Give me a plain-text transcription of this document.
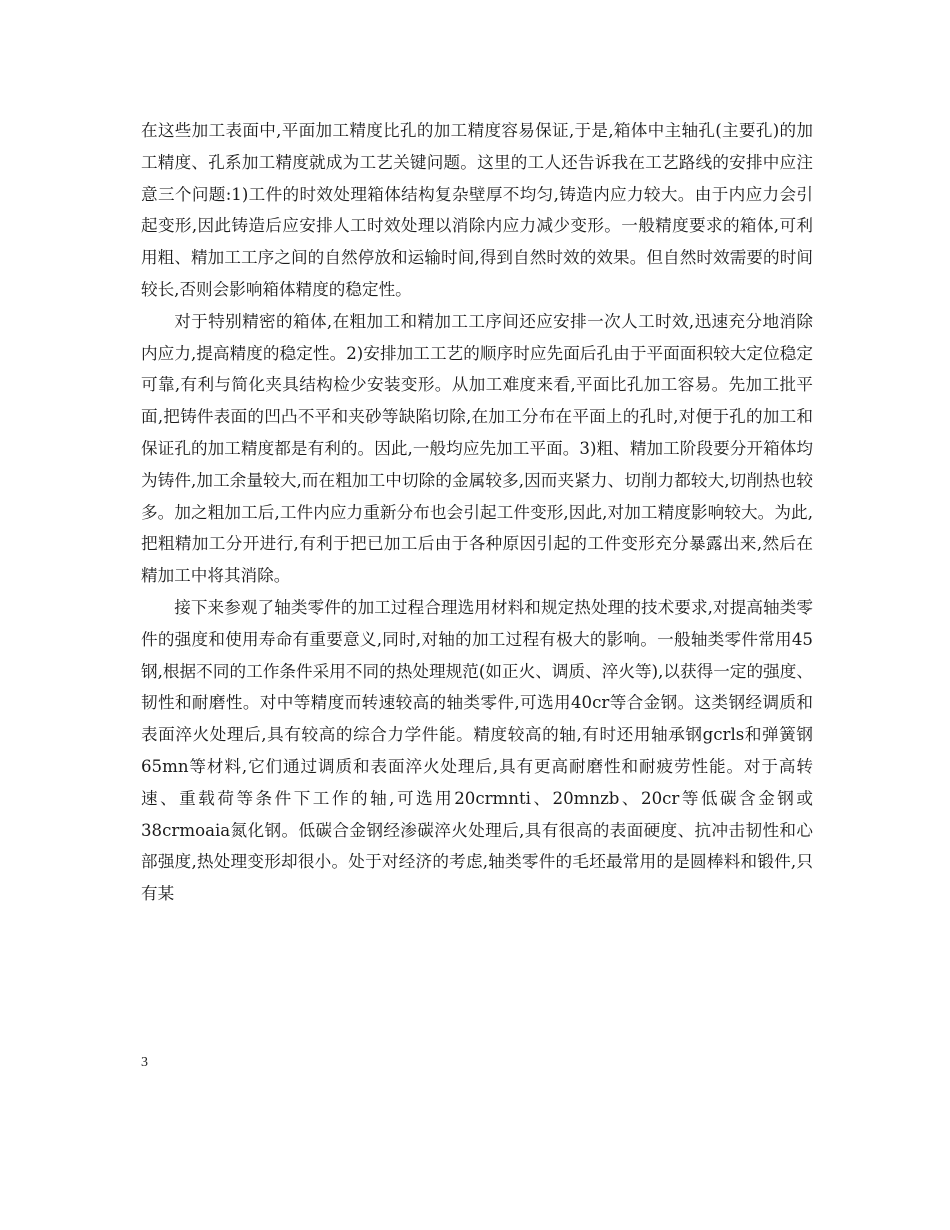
在这些加工表面中,平面加工精度比孔的加工精度容易保证,于是,箱体中主轴孔(主要孔)的加工精度、孔系加工精度就成为工艺关键问题。这里的工人还告诉我在工艺路线的安排中应注意三个问题:1)工件的时效处理箱体结构复杂壁厚不均匀,铸造内应力较大。由于内应力会引起变形,因此铸造后应安排人工时效处理以消除内应力减少变形。一般精度要求的箱体,可利用粗、精加工工序之间的自然停放和运输时间,得到自然时效的效果。但自然时效需要的时间较长,否则会影响箱体精度的稳定性。

对于特别精密的箱体,在粗加工和精加工工序间还应安排一次人工时效,迅速充分地消除内应力,提高精度的稳定性。2)安排加工工艺的顺序时应先面后孔由于平面面积较大定位稳定可靠,有利与简化夹具结构检少安装变形。从加工难度来看,平面比孔加工容易。先加工批平面,把铸件表面的凹凸不平和夹砂等缺陷切除,在加工分布在平面上的孔时,对便于孔的加工和保证孔的加工精度都是有利的。因此,一般均应先加工平面。3)粗、精加工阶段要分开箱体均为铸件,加工余量较大,而在粗加工中切除的金属较多,因而夹紧力、切削力都较大,切削热也较多。加之粗加工后,工件内应力重新分布也会引起工件变形,因此,对加工精度影响较大。为此,把粗精加工分开进行,有利于把已加工后由于各种原因引起的工件变形充分暴露出来,然后在精加工中将其消除。

接下来参观了轴类零件的加工过程合理选用材料和规定热处理的技术要求,对提高轴类零件的强度和使用寿命有重要意义,同时,对轴的加工过程有极大的影响。一般轴类零件常用45钢,根据不同的工作条件采用不同的热处理规范(如正火、调质、淬火等),以获得一定的强度、韧性和耐磨性。对中等精度而转速较高的轴类零件,可选用40cr等合金钢。这类钢经调质和表面淬火处理后,具有较高的综合力学件能。精度较高的轴,有时还用轴承钢gcrls和弹簧钢65mn等材料,它们通过调质和表面淬火处理后,具有更高耐磨性和耐疲劳性能。对于高转速、重载荷等条件下工作的轴,可选用20crmnti、20mnzb、20cr等低碳含金钢或38crmoaia氮化钢。低碳合金钢经渗碳淬火处理后,具有很高的表面硬度、抗冲击韧性和心部强度,热处理变形却很小。处于对经济的考虑,轴类零件的毛坯最常用的是圆棒料和锻件,只有某

3
